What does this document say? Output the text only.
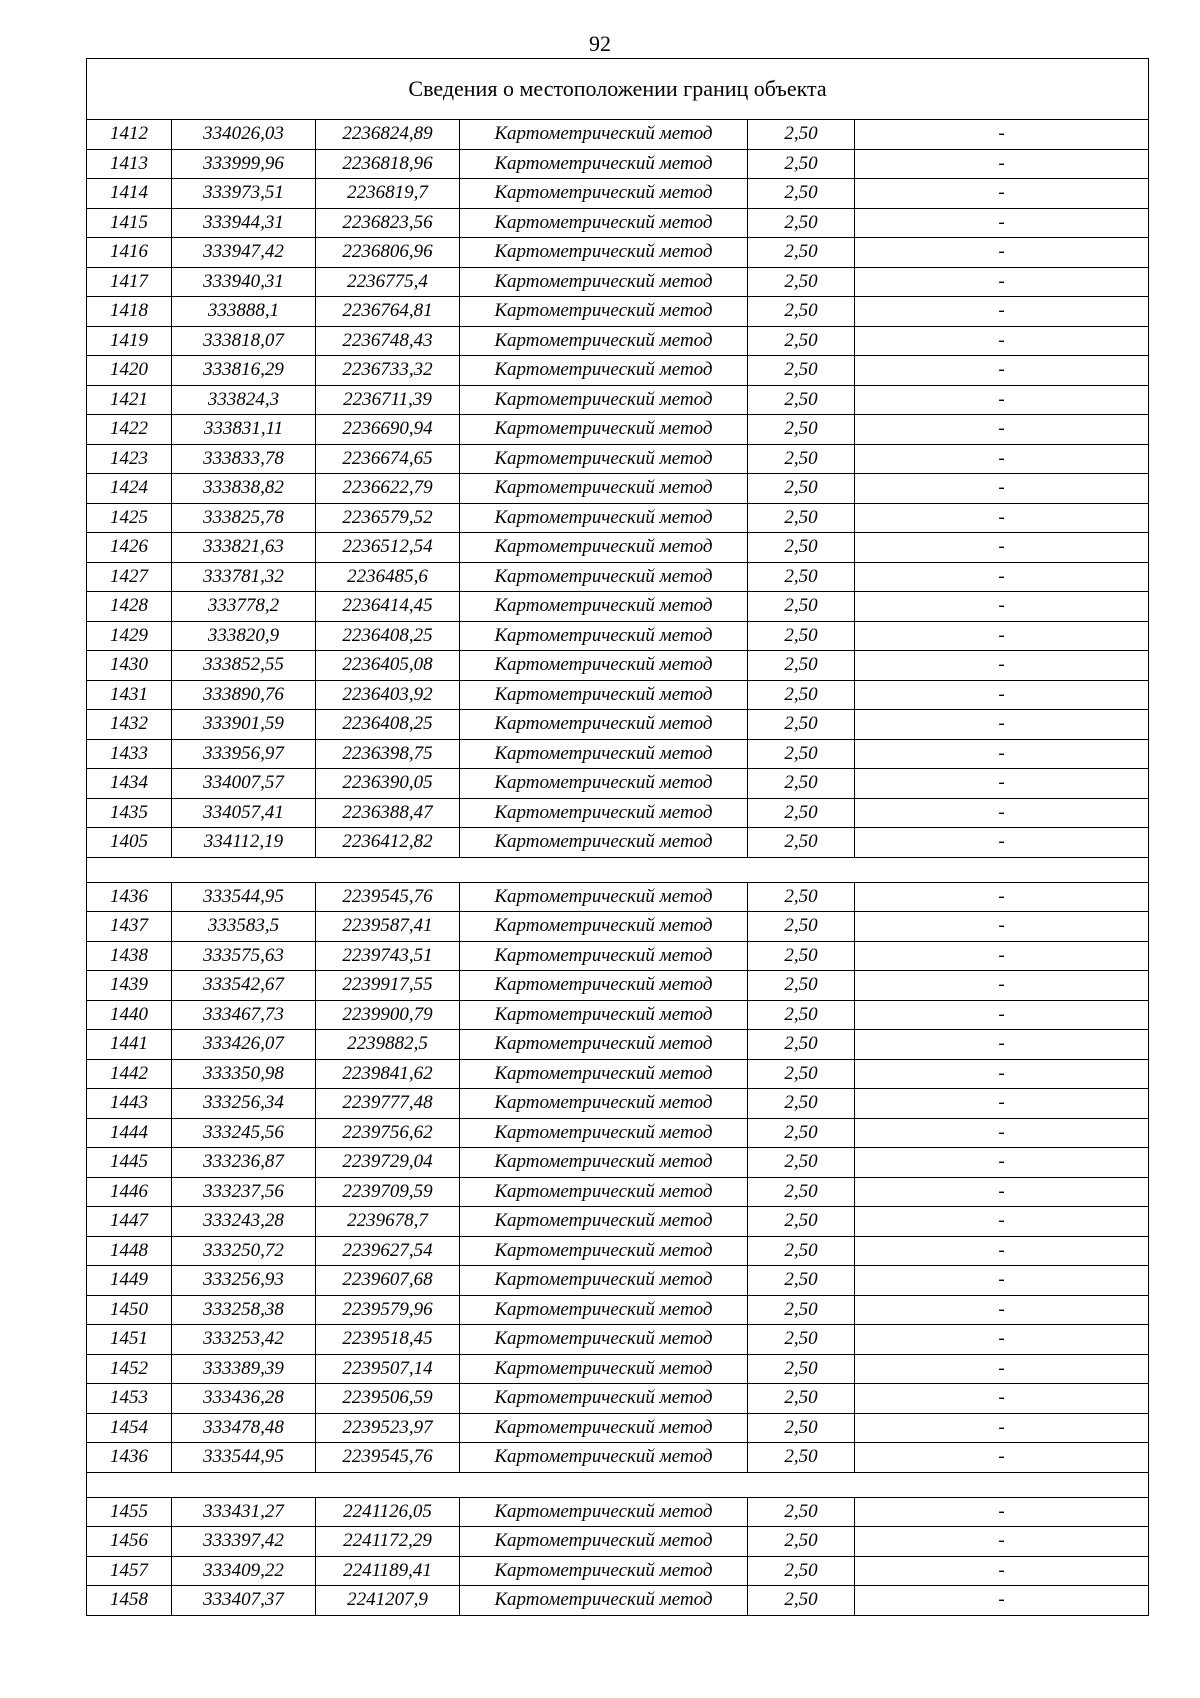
92
Сведения о местоположении границ объекта					
1412	334026,03	2236824,89	Картометрический метод	2,50	-
1413	333999,96	2236818,96	Картометрический метод	2,50	-
1414	333973,51	2236819,7	Картометрический метод	2,50	-
1415	333944,31	2236823,56	Картометрический метод	2,50	-
1416	333947,42	2236806,96	Картометрический метод	2,50	-
1417	333940,31	2236775,4	Картометрический метод	2,50	-
1418	333888,1	2236764,81	Картометрический метод	2,50	-
1419	333818,07	2236748,43	Картометрический метод	2,50	-
1420	333816,29	2236733,32	Картометрический метод	2,50	-
1421	333824,3	2236711,39	Картометрический метод	2,50	-
1422	333831,11	2236690,94	Картометрический метод	2,50	-
1423	333833,78	2236674,65	Картометрический метод	2,50	-
1424	333838,82	2236622,79	Картометрический метод	2,50	-
1425	333825,78	2236579,52	Картометрический метод	2,50	-
1426	333821,63	2236512,54	Картометрический метод	2,50	-
1427	333781,32	2236485,6	Картометрический метод	2,50	-
1428	333778,2	2236414,45	Картометрический метод	2,50	-
1429	333820,9	2236408,25	Картометрический метод	2,50	-
1430	333852,55	2236405,08	Картометрический метод	2,50	-
1431	333890,76	2236403,92	Картометрический метод	2,50	-
1432	333901,59	2236408,25	Картометрический метод	2,50	-
1433	333956,97	2236398,75	Картометрический метод	2,50	-
1434	334007,57	2236390,05	Картометрический метод	2,50	-
1435	334057,41	2236388,47	Картометрический метод	2,50	-
1405	334112,19	2236412,82	Картометрический метод	2,50	-

1436	333544,95	2239545,76	Картометрический метод	2,50	-
1437	333583,5	2239587,41	Картометрический метод	2,50	-
1438	333575,63	2239743,51	Картометрический метод	2,50	-
1439	333542,67	2239917,55	Картометрический метод	2,50	-
1440	333467,73	2239900,79	Картометрический метод	2,50	-
1441	333426,07	2239882,5	Картометрический метод	2,50	-
1442	333350,98	2239841,62	Картометрический метод	2,50	-
1443	333256,34	2239777,48	Картометрический метод	2,50	-
1444	333245,56	2239756,62	Картометрический метод	2,50	-
1445	333236,87	2239729,04	Картометрический метод	2,50	-
1446	333237,56	2239709,59	Картометрический метод	2,50	-
1447	333243,28	2239678,7	Картометрический метод	2,50	-
1448	333250,72	2239627,54	Картометрический метод	2,50	-
1449	333256,93	2239607,68	Картометрический метод	2,50	-
1450	333258,38	2239579,96	Картометрический метод	2,50	-
1451	333253,42	2239518,45	Картометрический метод	2,50	-
1452	333389,39	2239507,14	Картометрический метод	2,50	-
1453	333436,28	2239506,59	Картометрический метод	2,50	-
1454	333478,48	2239523,97	Картометрический метод	2,50	-
1436	333544,95	2239545,76	Картометрический метод	2,50	-

1455	333431,27	2241126,05	Картометрический метод	2,50	-
1456	333397,42	2241172,29	Картометрический метод	2,50	-
1457	333409,22	2241189,41	Картометрический метод	2,50	-
1458	333407,37	2241207,9	Картометрический метод	2,50	-
